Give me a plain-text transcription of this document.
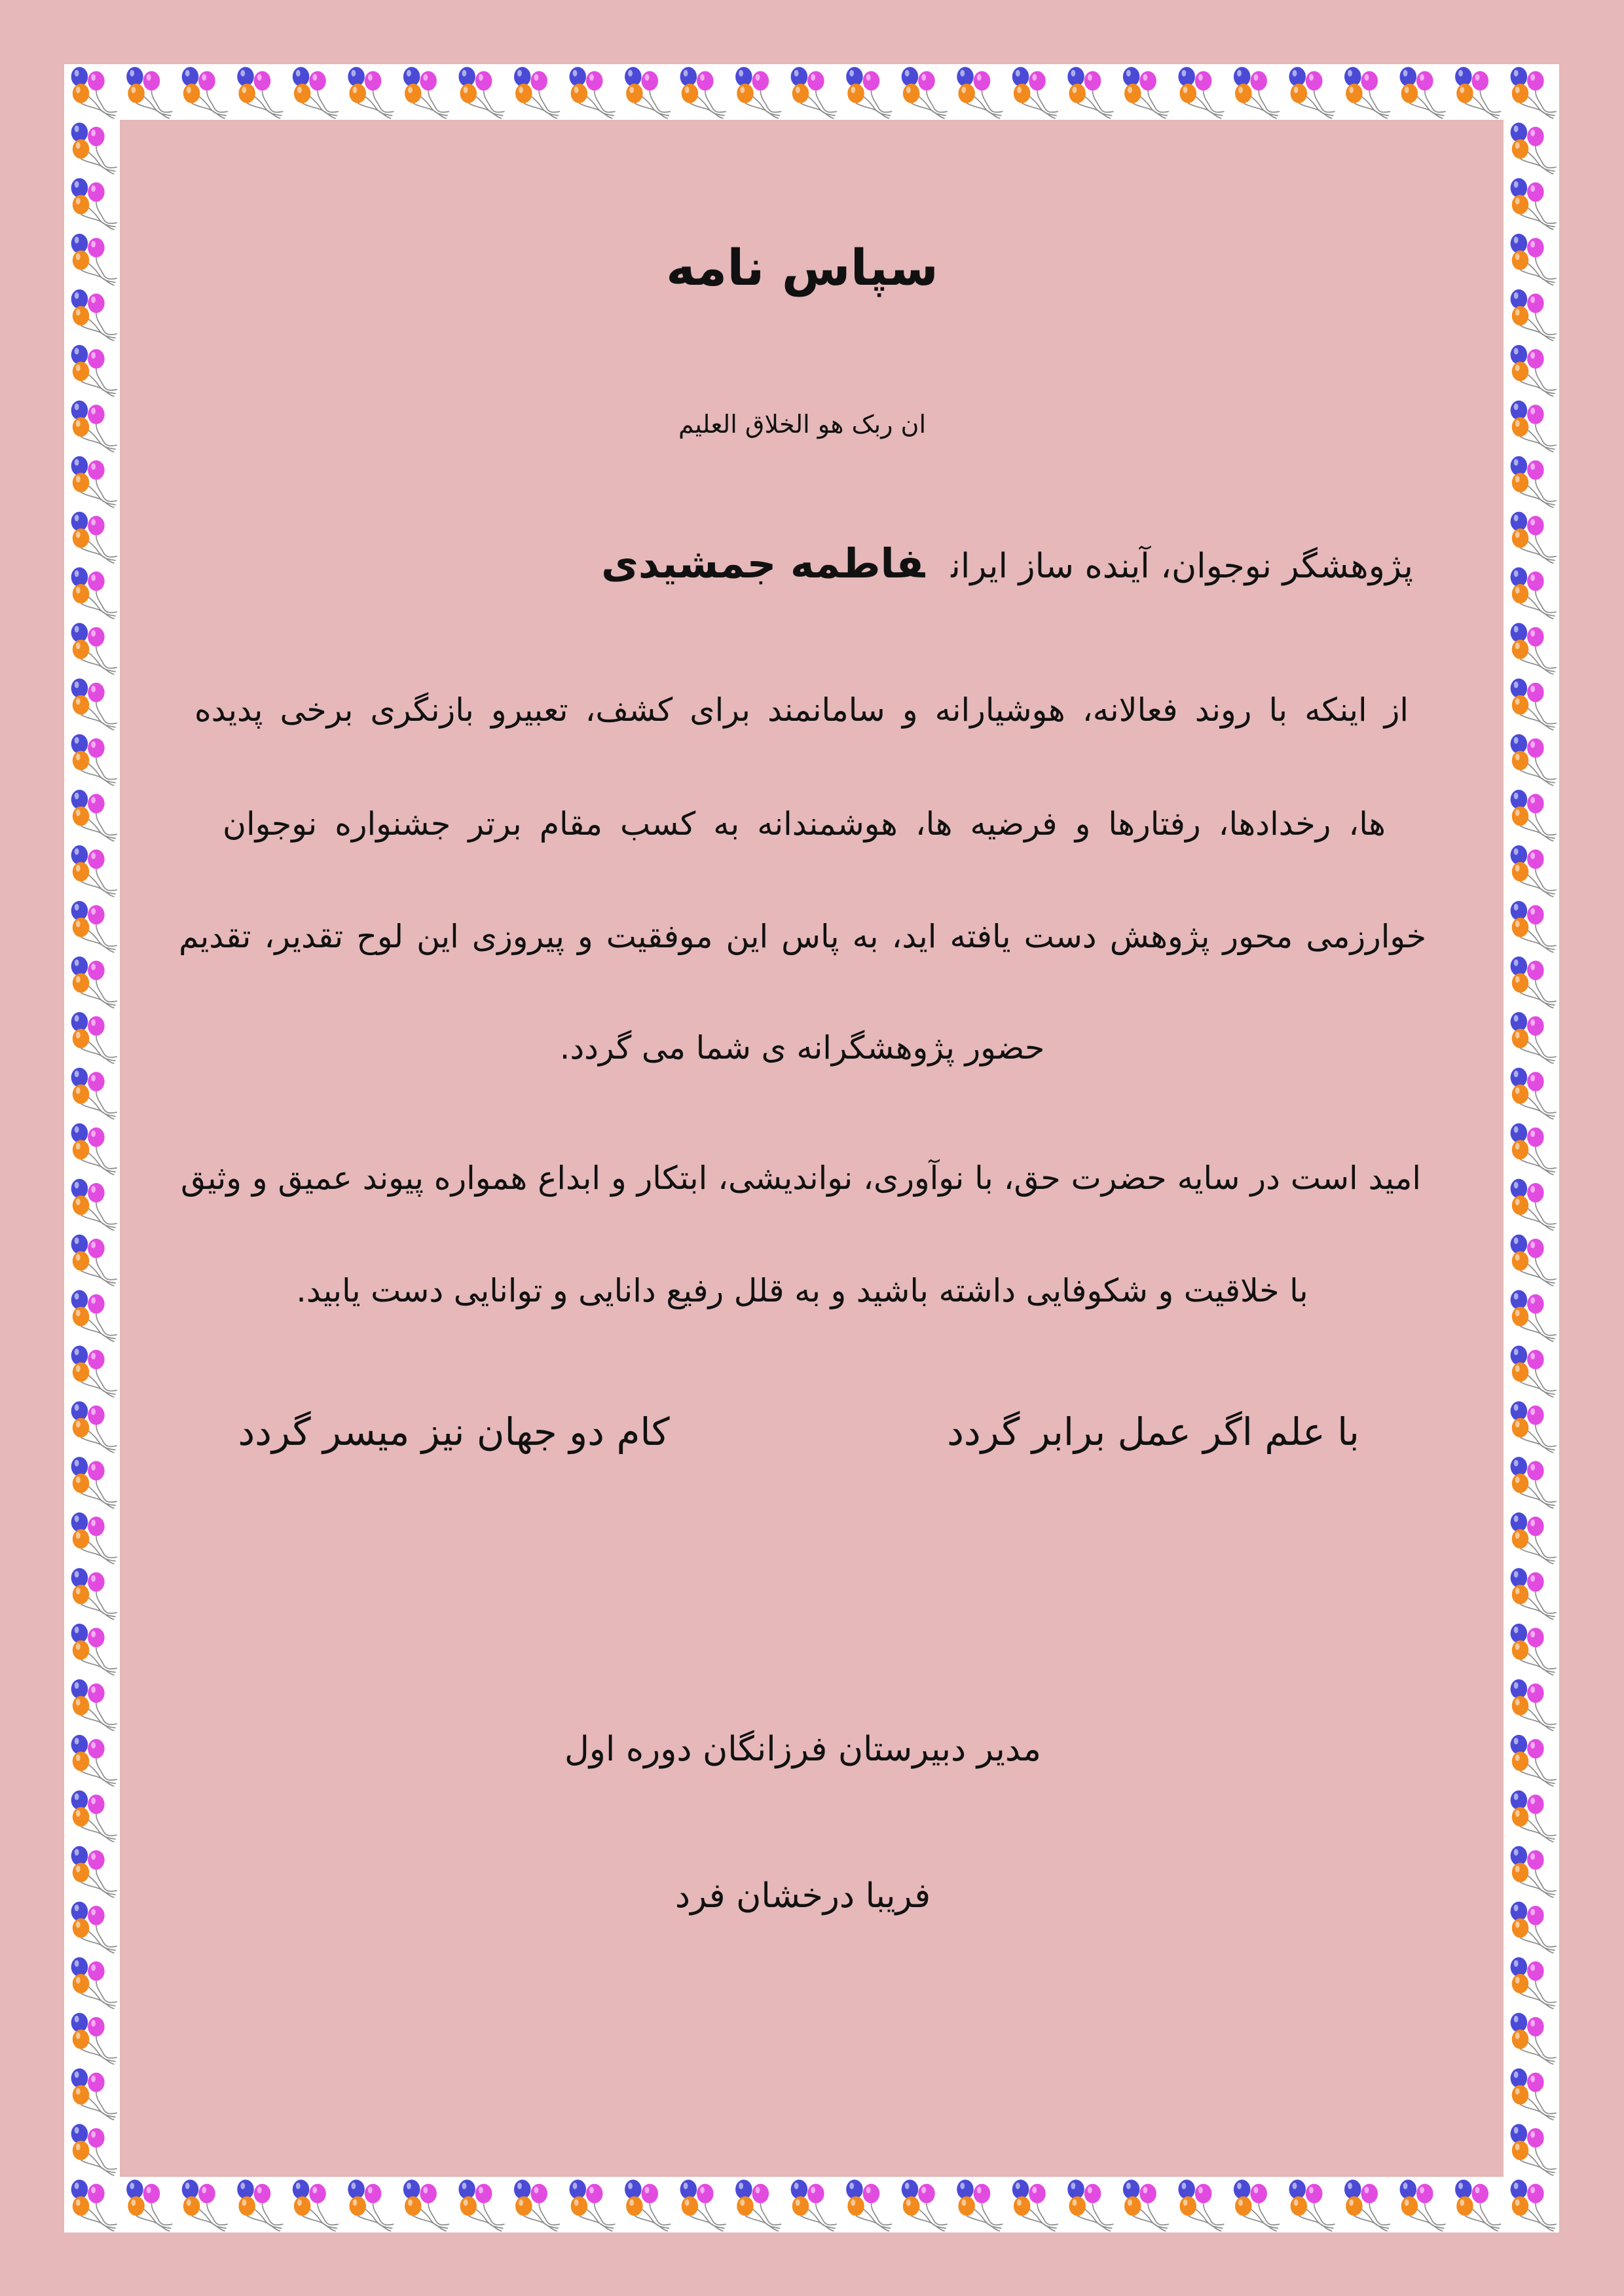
سپاس نامه
ان ربک هو الخلاق العلیم
پژوهشگر نوجوان، آینده ساز ایرانفاطمه جمشیدی
از اینکه با روند فعالانه، هوشیارانه و سامانمند برای کشف، تعبیرو بازنگری برخی پدیده
ها، رخدادها، رفتارها و فرضیه ها، هوشمندانه به کسب مقام برتر جشنواره نوجوان
خوارزمی محور پژوهش دست یافته اید، به پاس این موفقیت و پیروزی این لوح تقدیر، تقدیم
حضور پژوهشگرانه ی شما می گردد.
امید است در سایه حضرت حق، با نوآوری، نواندیشی، ابتکار و ابداع همواره پیوند عمیق و وثیق
با خلاقیت و شکوفایی داشته باشید و به قلل رفیع دانایی و توانایی دست یابید.
با علم اگر عمل برابر گردد
کام دو جهان نیز میسر گردد
مدیر دبیرستان فرزانگان دوره اول
فریبا درخشان فرد
